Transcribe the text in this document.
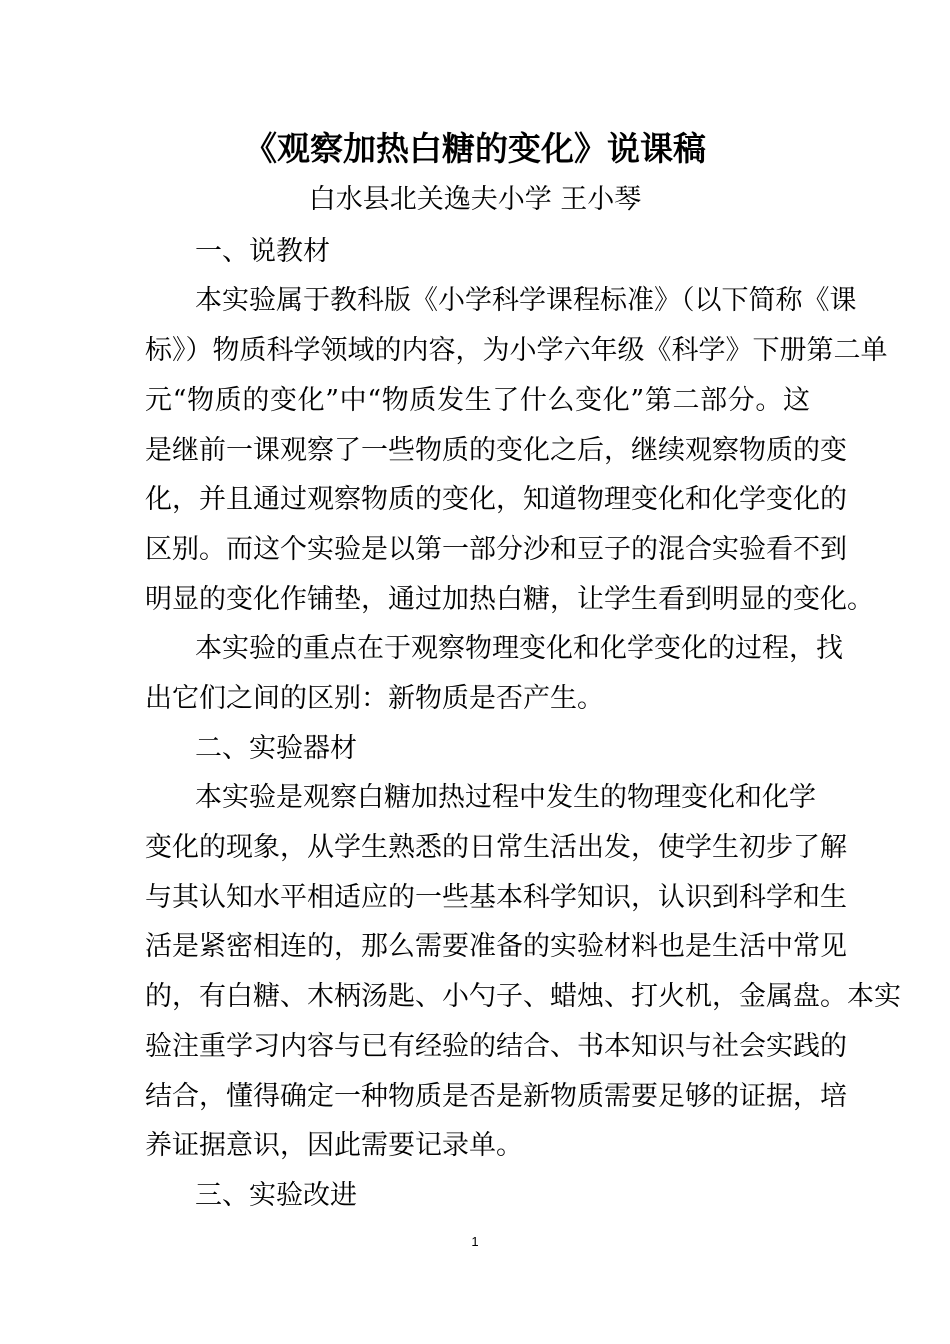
《观察加热白糖的变化》说课稿
白水县北关逸夫小学 王小琴
一、说教材
本实验属于教科版《小学科学课程标准》（以下简称《课
标》）物质科学领域的内容，为小学六年级《科学》下册第二单
元“物质的变化”中“物质发生了什么变化”第二部分。这
是继前一课观察了一些物质的变化之后，继续观察物质的变
化，并且通过观察物质的变化，知道物理变化和化学变化的
区别。而这个实验是以第一部分沙和豆子的混合实验看不到
明显的变化作铺垫，通过加热白糖，让学生看到明显的变化。
本实验的重点在于观察物理变化和化学变化的过程，找
出它们之间的区别：新物质是否产生。
二、实验器材
本实验是观察白糖加热过程中发生的物理变化和化学
变化的现象，从学生熟悉的日常生活出发，使学生初步了解
与其认知水平相适应的一些基本科学知识，认识到科学和生
活是紧密相连的，那么需要准备的实验材料也是生活中常见
的，有白糖、木柄汤匙、小勺子、蜡烛、打火机，金属盘。本实
验注重学习内容与已有经验的结合、书本知识与社会实践的
结合，懂得确定一种物质是否是新物质需要足够的证据，培
养证据意识，因此需要记录单。
三、实验改进
1
